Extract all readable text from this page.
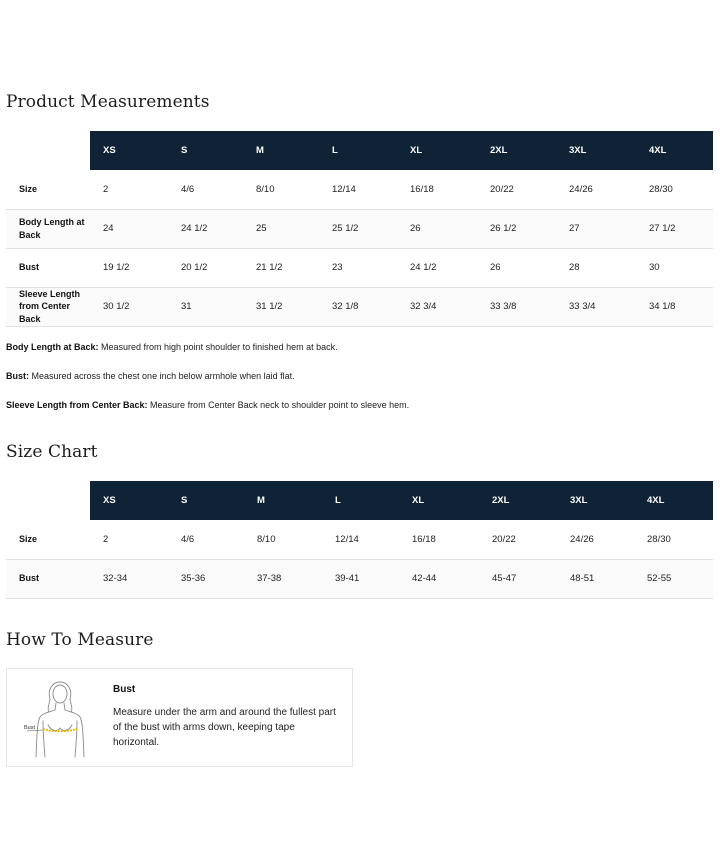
Product Measurements
	XS	S	M	L	XL	2XL	3XL	4XL
Size	2	4/6	8/10	12/14	16/18	20/22	24/26	28/30
Body Length at Back	24	24 1/2	25	25 1/2	26	26 1/2	27	27 1/2
Bust	19 1/2	20 1/2	21 1/2	23	24 1/2	26	28	30
Sleeve Length from Center Back	30 1/2	31	31 1/2	32 1/8	32 3/4	33 3/8	33 3/4	34 1/8
Body Length at Back: Measured from high point shoulder to finished hem at back.
Bust: Measured across the chest one inch below armhole when laid flat.
Sleeve Length from Center Back: Measure from Center Back neck to shoulder point to sleeve hem.
Size Chart
	XS	S	M	L	XL	2XL	3XL	4XL
Size	2	4/6	8/10	12/14	16/18	20/22	24/26	28/30
Bust	32-34	35-36	37-38	39-41	42-44	45-47	48-51	52-55
How To Measure
Bust
Bust
Measure under the arm and around the fullest part of the bust with arms down, keeping tape horizontal.
